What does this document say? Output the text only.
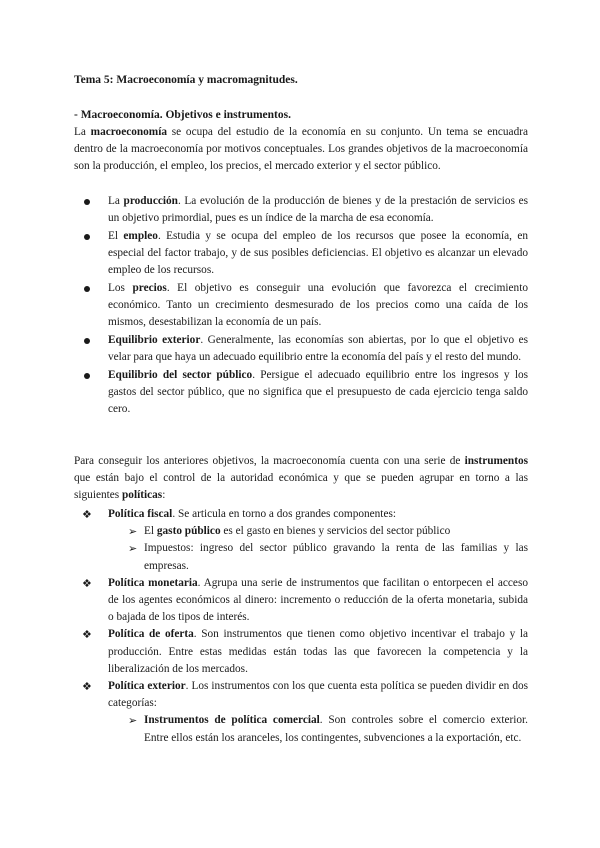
Tema 5: Macroeconomía y macromagnitudes.
- Macroeconomía. Objetivos e instrumentos.

La macroeconomía se ocupa del estudio de la economía en su conjunto. Un tema se encuadra dentro de la macroeconomía por motivos conceptuales. Los grandes objetivos de la macroeconomía son la producción, el empleo, los precios, el mercado exterior y el sector público.

La producción. La evolución de la producción de bienes y de la prestación de servicios es un objetivo primordial, pues es un índice de la marcha de esa economía.

El empleo. Estudia y se ocupa del empleo de los recursos que posee la economía, en especial del factor trabajo, y de sus posibles deficiencias. El objetivo es alcanzar un elevado empleo de los recursos.

Los precios. El objetivo es conseguir una evolución que favorezca el crecimiento económico. Tanto un crecimiento desmesurado de los precios como una caída de los mismos, desestabilizan la economía de un país.

Equilibrio exterior. Generalmente, las economías son abiertas, por lo que el objetivo es velar para que haya un adecuado equilibrio entre la economía del país y el resto del mundo.

Equilibrio del sector público. Persigue el adecuado equilibrio entre los ingresos y los gastos del sector público, que no significa que el presupuesto de cada ejercicio tenga saldo cero.

Para conseguir los anteriores objetivos, la macroeconomía cuenta con una serie de instrumentos que están bajo el control de la autoridad económica y que se pueden agrupar en torno a las siguientes políticas:

❖ Política fiscal. Se articula en torno a dos grandes componentes:

➢ El gasto público es el gasto en bienes y servicios del sector público

➢ Impuestos: ingreso del sector público gravando la renta de las familias y las empresas.

❖ Política monetaria. Agrupa una serie de instrumentos que facilitan o entorpecen el acceso de los agentes económicos al dinero: incremento o reducción de la oferta monetaria, subida o bajada de los tipos de interés.

❖ Política de oferta. Son instrumentos que tienen como objetivo incentivar el trabajo y la producción. Entre estas medidas están todas las que favorecen la competencia y la liberalización de los mercados.

❖ Política exterior. Los instrumentos con los que cuenta esta política se pueden dividir en dos categorías:

➢ Instrumentos de política comercial. Son controles sobre el comercio exterior. Entre ellos están los aranceles, los contingentes, subvenciones a la exportación, etc.
